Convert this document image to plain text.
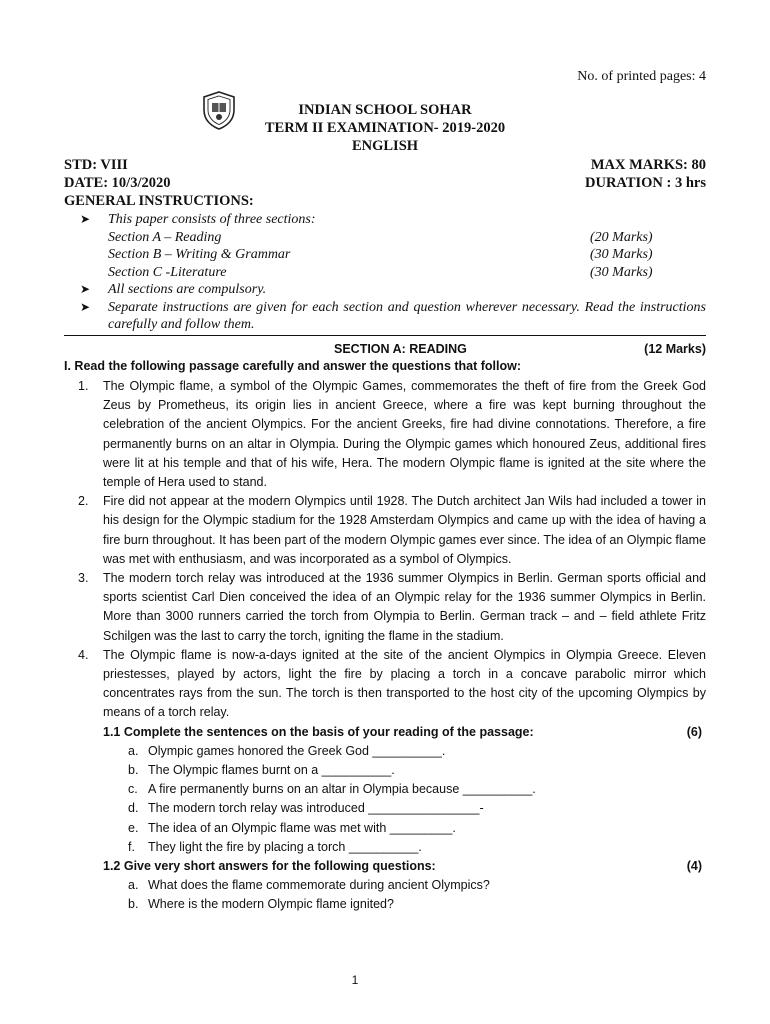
No. of printed pages: 4
INDIAN SCHOOL SOHAR
TERM II EXAMINATION- 2019-2020
ENGLISH
STD: VIII	MAX MARKS: 80
DATE: 10/3/2020	DURATION : 3 hrs
GENERAL INSTRUCTIONS:
➤	This paper consists of three sections:
Section A – Reading	(20 Marks)
Section B – Writing & Grammar	(30 Marks)
Section C -Literature	(30 Marks)
➤	All sections are compulsory.
➤	Separate instructions are given for each section and question wherever necessary. Read the instructions carefully and follow them.
SECTION A: READING	(12 Marks)
I. Read the following passage carefully and answer the questions that follow:
1.	The Olympic flame, a symbol of the Olympic Games, commemorates the theft of fire from the Greek God Zeus by Prometheus, its origin lies in ancient Greece, where a fire was kept burning throughout the celebration of the ancient Olympics. For the ancient Greeks, fire had divine connotations. Therefore, a fire permanently burns on an altar in Olympia. During the Olympic games which honoured Zeus, additional fires were lit at his temple and that of his wife, Hera. The modern Olympic flame is ignited at the site where the temple of Hera used to stand.
2.	Fire did not appear at the modern Olympics until 1928. The Dutch architect Jan Wils had included a tower in his design for the Olympic stadium for the 1928 Amsterdam Olympics and came up with the idea of having a fire burn throughout. It has been part of the modern Olympic games ever since. The idea of an Olympic flame was met with enthusiasm, and was incorporated as a symbol of Olympics.
3.	The modern torch relay was introduced at the 1936 summer Olympics in Berlin. German sports official and sports scientist Carl Dien conceived the idea of an Olympic relay for the 1936 summer Olympics in Berlin. More than 3000 runners carried the torch from Olympia to Berlin. German track – and – field athlete Fritz Schilgen was the last to carry the torch, igniting the flame in the stadium.
4.	The Olympic flame is now-a-days ignited at the site of the ancient Olympics in Olympia Greece. Eleven priestesses, played by actors, light the fire by placing a torch in a concave parabolic mirror which concentrates rays from the sun. The torch is then transported to the host city of the upcoming Olympics by means of a torch relay.
1.1 Complete the sentences on the basis of your reading of the passage:	(6)
a. Olympic games honored the Greek God __________.
b. The Olympic flames burnt on a __________.
c. A fire permanently burns on an altar in Olympia because __________.
d. The modern torch relay was introduced ________________-
e. The idea of an Olympic flame was met with _________.
f.	They light the fire by placing a torch __________.
1.2 Give very short answers for the following questions:	(4)
a. What does the flame commemorate during ancient Olympics?
b. Where is the modern Olympic flame ignited?
1
